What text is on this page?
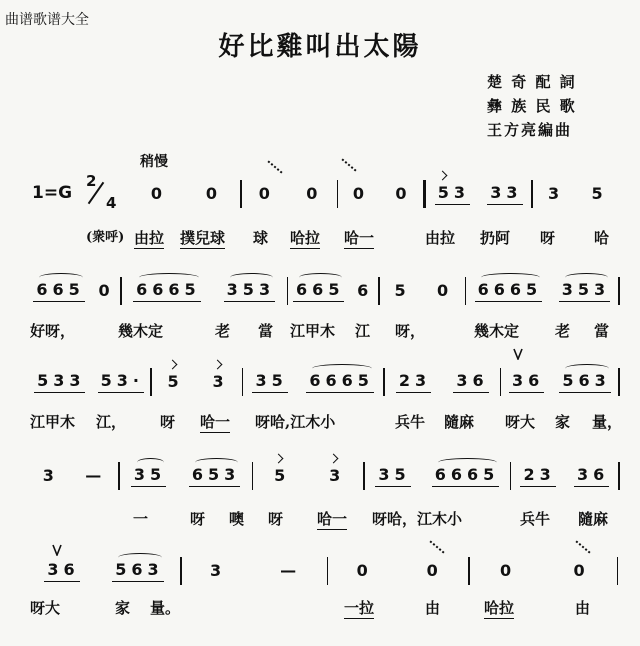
曲谱歌谱大全
好比雞叫出太陽
楚 奇 配 詞
彝 族 民 歌
王方亮編曲
稍慢
1=G
2
4
0 0 0 0 0 0 53 33 3 5
(衆呼) 由拉 撲兒球 球 哈拉 哈一	由拉 扔阿 呀	哈
665 0 6665 353 665 6 5 0 6665 353
好呀，	幾木定	老 當 江甲木 江 呀，	幾木定 老 當
533 53· 5 3 35 6665 23 36 36 563
江甲木 江， 呀 哈一 呀哈,江木小	兵牛 隨麻 呀大 家 量，
3 — 35 653 5 3 35 6665 23 36
一	呀 噢 呀 哈一 呀哈，江木小	兵牛 隨麻
36 563	3	—	0	0	0	0
呀大	家 量。	一拉	由	哈拉	由
